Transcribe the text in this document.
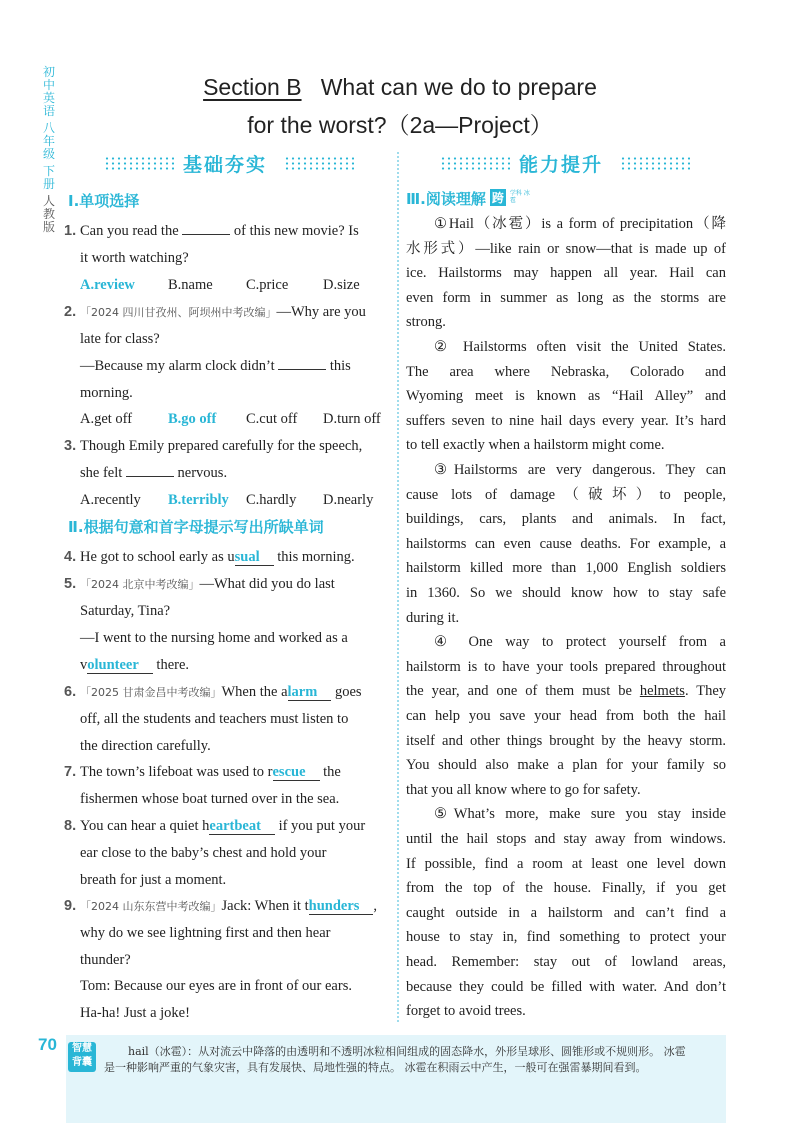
初中英语
八年级
下册
人教版
Section B What can we do to prepare
for the worst?（2a—Project）
基础夯实	能力提升
Ⅰ.单项选择
1. Can you read the	of this new movie? Is
it worth watching?
A.review B.name C.price D.size
2. 「2024 四川甘孜州、阿坝州中考改编」—Why are you
late for class?
—Because my alarm clock didn’t	this
morning.
A.get off B.go off C.cut off D.turn off
3. Though Emily prepared carefully for the speech,
she felt	nervous.
A.recently B.terribly C.hardly D.nearly
Ⅱ.根据句意和首字母提示写出所缺单词
4. He got to school early as usual this morning.
5. 「2024 北京中考改编」—What did you do last
Saturday, Tina?
—I went to the nursing home and worked as a
volunteer there.
6. 「2025 甘肃金昌中考改编」When the alarm goes
off, all the students and teachers must listen to
the direction carefully.
7. The town’s lifeboat was used to rescue the
fishermen whose boat turned over in the sea.
8. You can hear a quiet heartbeat if you put your
ear close to the baby’s chest and hold your
breath for just a moment.
9. 「2024 山东东营中考改编」Jack: When it thunders ,
why do we see lightning first and then hear
thunder?
Tom: Because our eyes are in front of our ears.
Ha-ha! Just a joke!
Ⅲ.阅读理解 跨 学科 冰雹
①Hail（冰雹）is a form of precipitation（降
水形式）—like rain or snow—that is made up of
ice. Hailstorms may happen all year. Hail can
even form in summer as long as the storms are
strong.
② Hailstorms often visit the United States.
The area where Nebraska, Colorado and
Wyoming meet is known as “Hail Alley” and
suffers seven to nine hail days every year. It’s hard
to tell exactly when a hailstorm might come.
③Hailstorms are very dangerous. They can
cause lots of damage（破坏）to people,
buildings, cars, plants and animals. In fact,
hailstorms can even cause deaths. For example, a
hailstorm killed more than 1,000 English soldiers
in 1360. So we should know how to stay safe
during it.
④ One way to protect yourself from a
hailstorm is to have your tools prepared throughout
the year, and one of them must be helmets. They
can help you save your head from both the hail
itself and other things brought by the heavy storm.
You should also make a plan for your family so
that you all know where to go for safety.
⑤What’s more, make sure you stay inside
until the hail stops and stay away from windows.
If possible, find a room at least one level down
from the top of the house. Finally, if you get
caught outside in a hailstorm and can’t find a
house to stay in, find something to protect your
head. Remember: stay out of lowland areas,
because they could be filled with water. And don’t
forget to avoid trees.
70	智慧
背囊
hail（冰雹）：从对流云中降落的由透明和不透明冰粒相间组成的固态降水，外形呈球形、圆锥形或不规则形。 冰雹
是一种影响严重的气象灾害，具有发展快、局地性强的特点。 冰雹在积雨云中产生，一般可在强雷暴期间看到。
